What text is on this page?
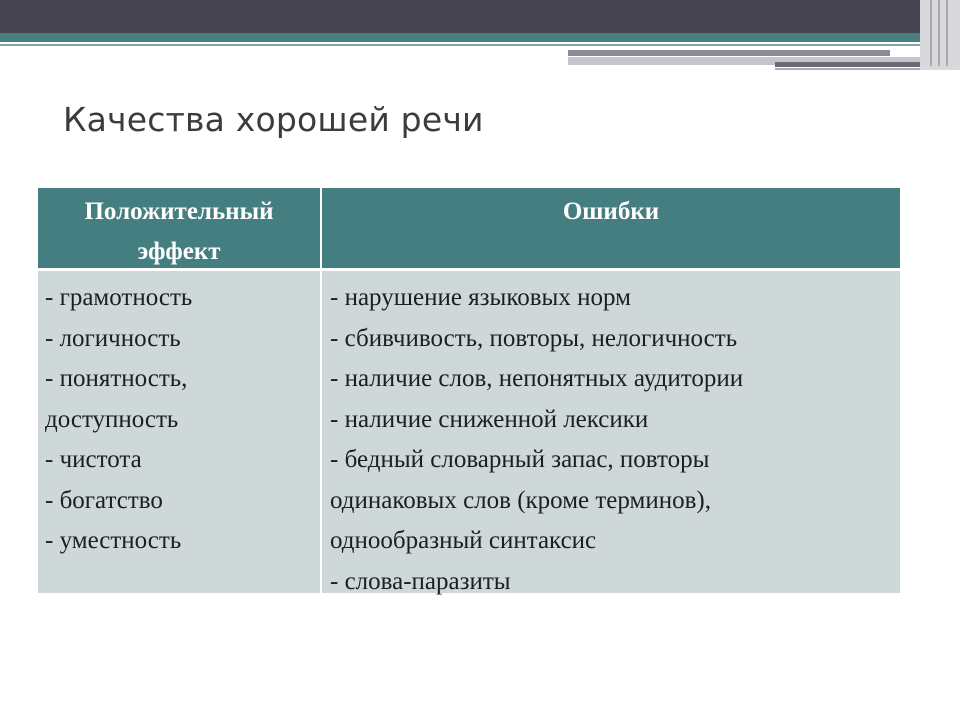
Качества хорошей речи
Положительный
эффект
Ошибки
- грамотность
- логичность
- понятность,
доступность
- чистота
- богатство
- уместность
- нарушение языковых норм
- сбивчивость, повторы, нелогичность
- наличие слов, непонятных аудитории
- наличие сниженной лексики
- бедный словарный запас, повторы
одинаковых слов (кроме терминов),
однообразный синтаксис
- слова-паразиты
